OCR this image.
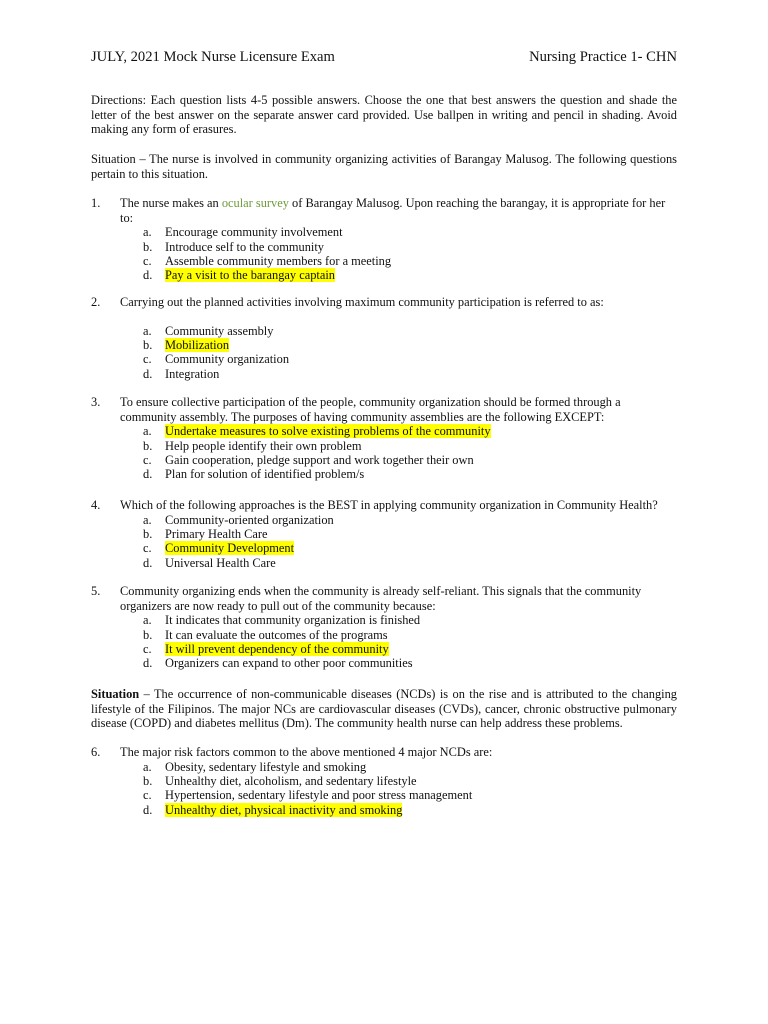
JULY, 2021 Mock Nurse Licensure Exam	Nursing Practice 1- CHN

Directions: Each question lists 4-5 possible answers. Choose the one that best answers the question and shade the letter of the best answer on the separate answer card provided. Use ballpen in writing and pencil in shading. Avoid making any form of erasures.

Situation – The nurse is involved in community organizing activities of Barangay Malusog. The following questions pertain to this situation.

1.	The nurse makes an ocular survey of Barangay Malusog. Upon reaching the barangay, it is appropriate for her to:
a. Encourage community involvement
b. Introduce self to the community
c. Assemble community members for a meeting
d. Pay a visit to the barangay captain
2.	Carrying out the planned activities involving maximum community participation is referred to as:
a. Community assembly
b. Mobilization
c. Community organization
d. Integration
3.	To ensure collective participation of the people, community organization should be formed through a community assembly. The purposes of having community assemblies are the following EXCEPT:
a. Undertake measures to solve existing problems of the community
b. Help people identify their own problem
c. Gain cooperation, pledge support and work together their own
d. Plan for solution of identified problem/s
4.	Which of the following approaches is the BEST in applying community organization in Community Health?
a. Community-oriented organization
b. Primary Health Care
c. Community Development
d. Universal Health Care
5.	Community organizing ends when the community is already self-reliant. This signals that the community organizers are now ready to pull out of the community because:
a. It indicates that community organization is finished
b. It can evaluate the outcomes of the programs
c. It will prevent dependency of the community
d. Organizers can expand to other poor communities

Situation – The occurrence of non-communicable diseases (NCDs) is on the rise and is attributed to the changing lifestyle of the Filipinos. The major NCs are cardiovascular diseases (CVDs), cancer, chronic obstructive pulmonary disease (COPD) and diabetes mellitus (Dm). The community health nurse can help address these problems.

6.	The major risk factors common to the above mentioned 4 major NCDs are:
a. Obesity, sedentary lifestyle and smoking
b. Unhealthy diet, alcoholism, and sedentary lifestyle
c. Hypertension, sedentary lifestyle and poor stress management
d. Unhealthy diet, physical inactivity and smoking
